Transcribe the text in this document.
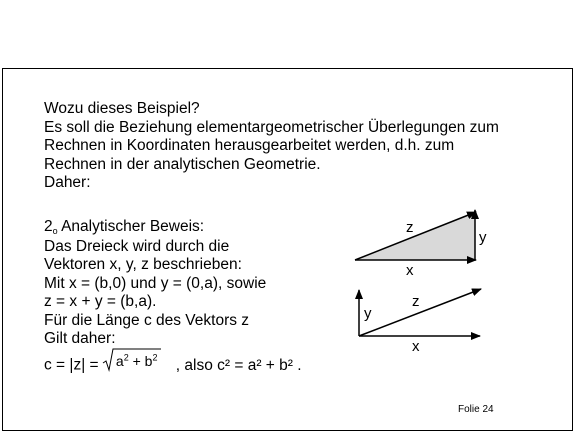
Wozu dieses Beispiel?
Es soll die Beziehung elementargeometrischer Überlegungen zum
Rechnen in Koordinaten herausgearbeitet werden, d.h. zum
Rechnen in der analytischen Geometrie.
Daher:
2o Analytischer Beweis:
Das Dreieck wird durch die
Vektoren x, y, z beschrieben:
Mit x = (b,0) und y = (0,a), sowie
z = x + y = (b,a).
Für die Länge c des Vektors z
Gilt daher:
c = |z| =
$a^2 + b^2$ , also c² = a² + b² .
z
y
x
z
y
x
Folie 24
